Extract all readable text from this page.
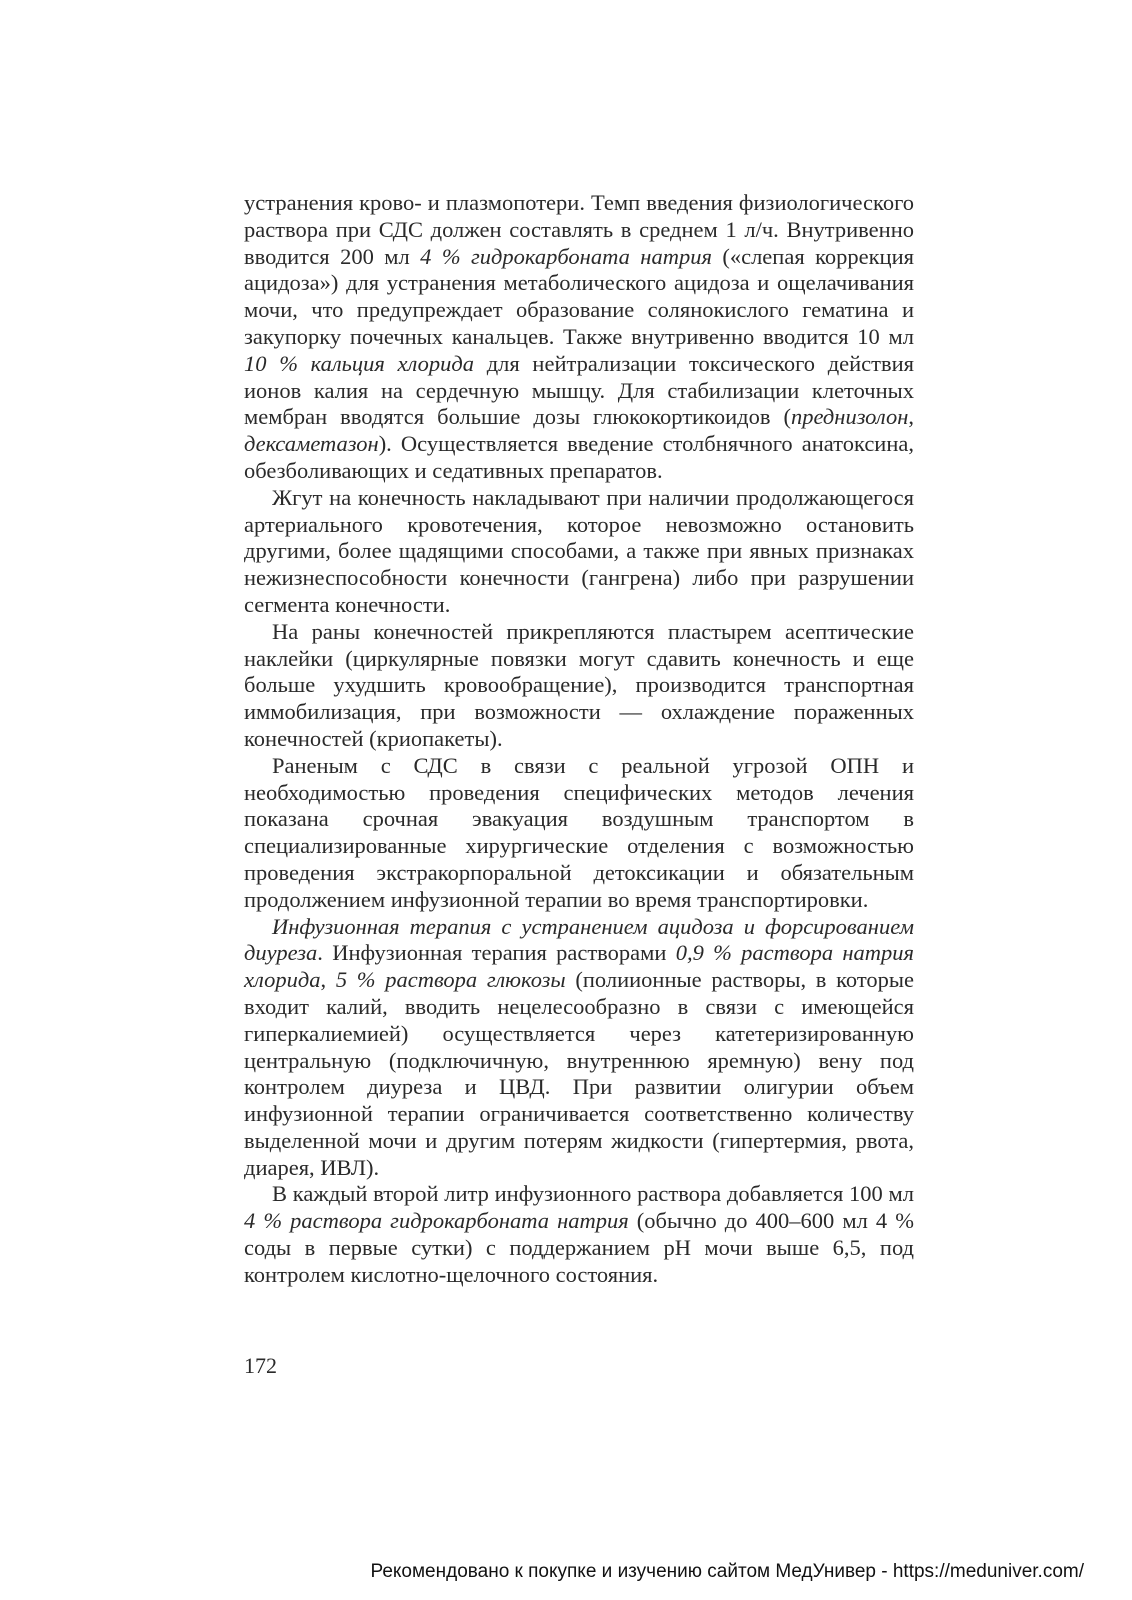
устранения крово- и плазмопотери. Темп введения физиологического раствора при СДС должен составлять в среднем 1 л/ч. Внутривенно вводится 200 мл 4 % гидрокарбоната натрия («слепая коррекция ацидоза») для устранения метаболического ацидоза и ощелачивания мочи, что предупреждает образование солянокислого гематина и закупорку почечных канальцев. Также внутривенно вводится 10 мл 10 % кальция хлорида для нейтрализации токсического действия ионов калия на сердечную мышцу. Для стабилизации клеточных мембран вводятся большие дозы глюкокортикоидов (преднизолон, дексаметазон). Осуществляется введение столбнячного анатоксина, обезболивающих и седативных препаратов.

Жгут на конечность накладывают при наличии продолжающегося артериального кровотечения, которое невозможно остановить другими, более щадящими способами, а также при явных признаках нежизнеспособности конечности (гангрена) либо при разрушении сегмента конечности.

На раны конечностей прикрепляются пластырем асептические наклейки (циркулярные повязки могут сдавить конечность и еще больше ухудшить кровообращение), производится транспортная иммобилизация, при возможности — охлаждение пораженных конечностей (криопакеты).

Раненым с СДС в связи с реальной угрозой ОПН и необходимостью проведения специфических методов лечения показана срочная эвакуация воздушным транспортом в специализированные хирургические отделения с возможностью проведения экстракорпоральной детоксикации и обязательным продолжением инфузионной терапии во время транспортировки.

Инфузионная терапия с устранением ацидоза и форсированием диуреза. Инфузионная терапия растворами 0,9 % раствора натрия хлорида, 5 % раствора глюкозы (полиионные растворы, в которые входит калий, вводить нецелесообразно в связи с имеющейся гиперкалиемией) осуществляется через катетеризированную центральную (подключичную, внутреннюю яремную) вену под контролем диуреза и ЦВД. При развитии олигурии объем инфузионной терапии ограничивается соответственно количеству выделенной мочи и другим потерям жидкости (гипертермия, рвота, диарея, ИВЛ).

В каждый второй литр инфузионного раствора добавляется 100 мл 4 % раствора гидрокарбоната натрия (обычно до 400–600 мл 4 % соды в первые сутки) с поддержанием рН мочи выше 6,5, под контролем кислотно-щелочного состояния.

172
Рекомендовано к покупке и изучению сайтом МедУнивер - https://meduniver.com/
